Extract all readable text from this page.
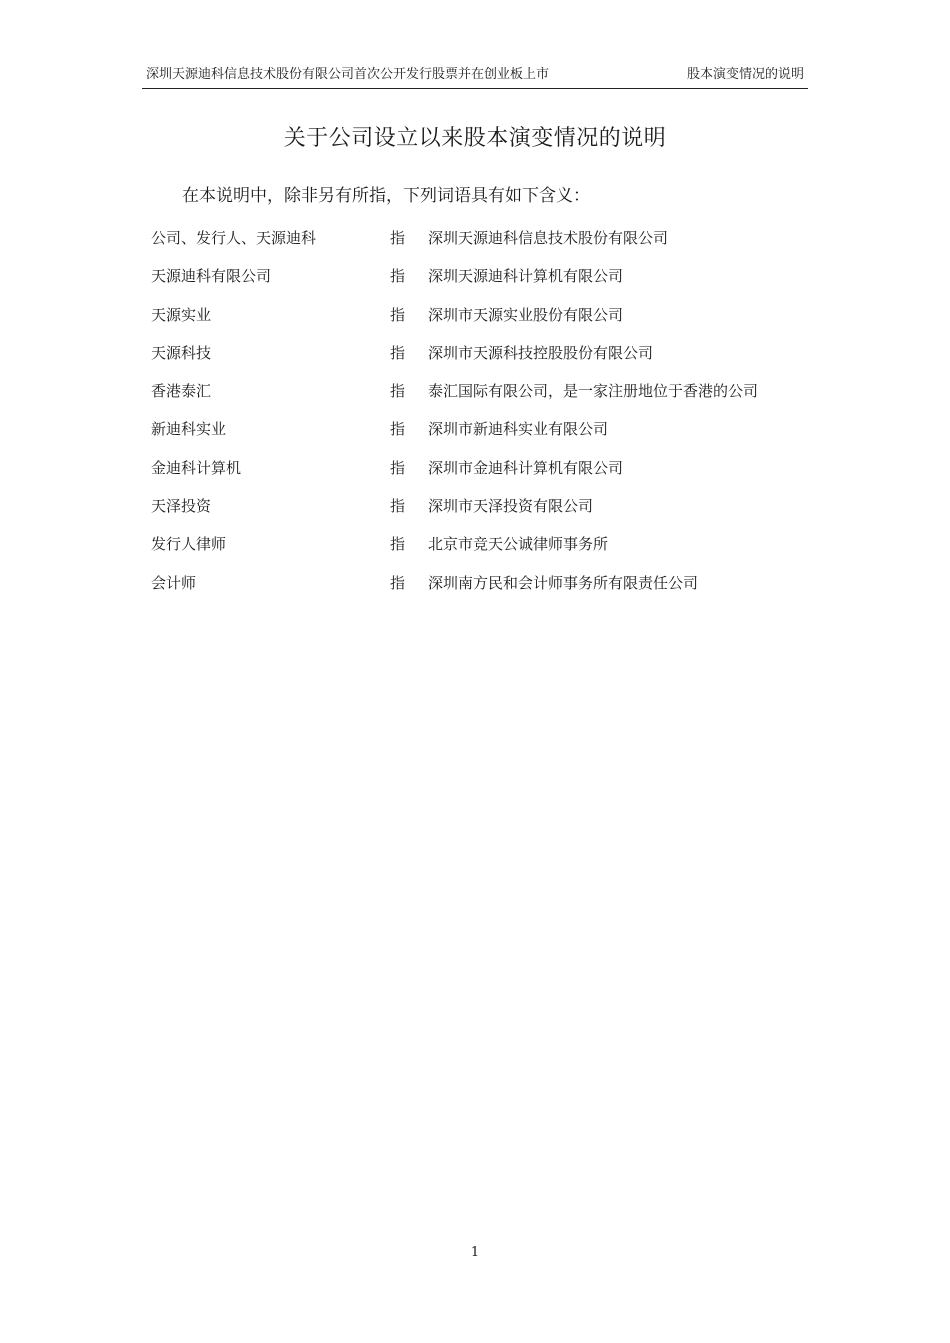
深圳天源迪科信息技术股份有限公司首次公开发行股票并在创业板上市	股本演变情况的说明
关于公司设立以来股本演变情况的说明
在本说明中，除非另有所指，下列词语具有如下含义：
公司、发行人、天源迪科	指 深圳天源迪科信息技术股份有限公司
天源迪科有限公司	指 深圳天源迪科计算机有限公司
天源实业	指 深圳市天源实业股份有限公司
天源科技	指 深圳市天源科技控股股份有限公司
香港泰汇	指 泰汇国际有限公司，是一家注册地位于香港的公司
新迪科实业	指 深圳市新迪科实业有限公司
金迪科计算机	指 深圳市金迪科计算机有限公司
天泽投资	指 深圳市天泽投资有限公司
发行人律师	指 北京市竞天公诚律师事务所
会计师	指 深圳南方民和会计师事务所有限责任公司
1
